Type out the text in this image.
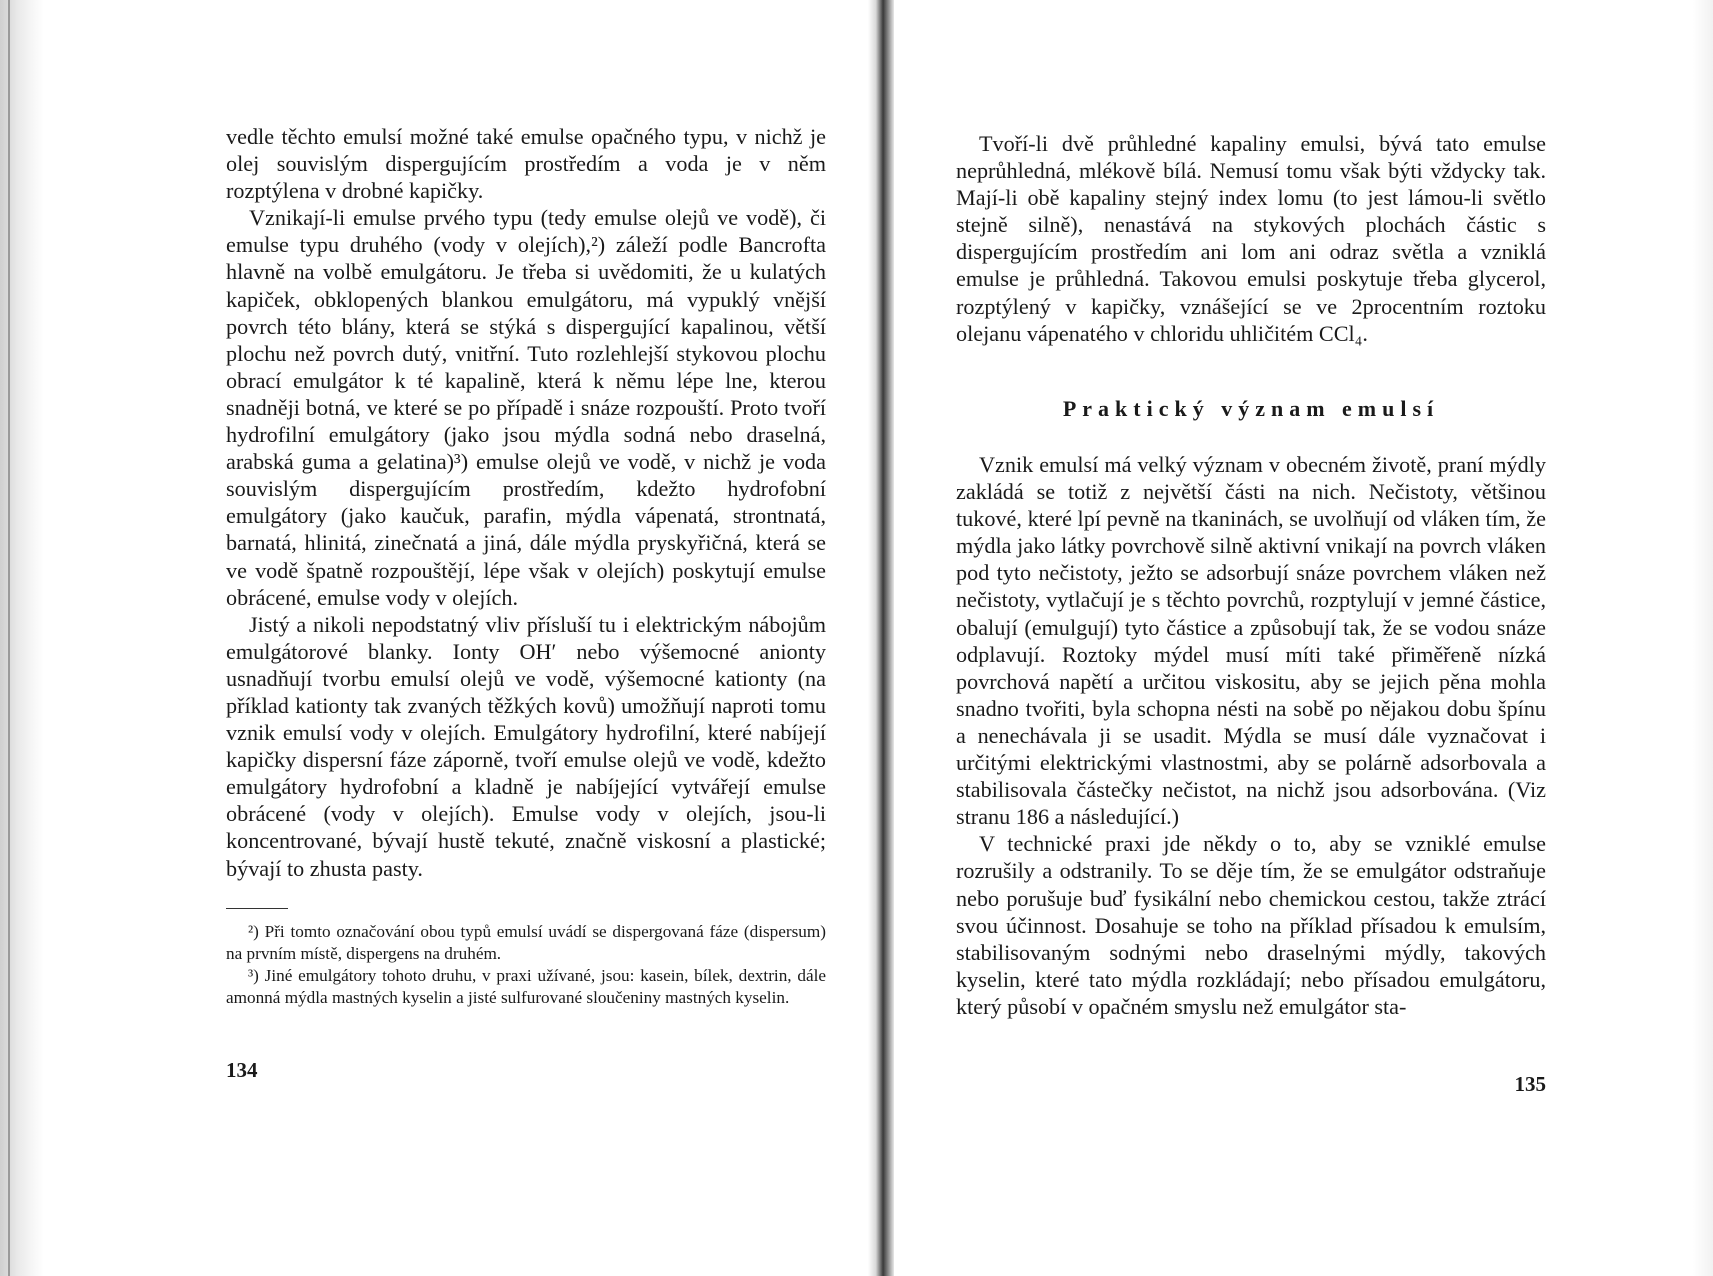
vedle těchto emulsí možné také emulse opačného typu, v nichž je olej souvislým dispergujícím prostředím a voda je v něm rozptýlena v drobné kapičky.

Vznikají-li emulse prvého typu (tedy emulse olejů ve vodě), či emulse typu druhého (vody v olejích),²) záleží podle Bancrofta hlavně na volbě emulgátoru. Je třeba si uvědomiti, že u kulatých kapiček, obklopených blankou emulgátoru, má vypuklý vnější povrch této blány, která se stýká s dispergující kapalinou, větší plochu než povrch dutý, vnitřní. Tuto rozlehlejší stykovou plochu obrací emulgátor k té kapalině, která k němu lépe lne, kterou snadněji botná, ve které se po případě i snáze rozpouští. Proto tvoří hydrofilní emulgátory (jako jsou mýdla sodná nebo draselná, arabská guma a gelatina)³) emulse olejů ve vodě, v nichž je voda souvislým dispergujícím prostředím, kdežto hydrofobní emulgátory (jako kaučuk, parafin, mýdla vápenatá, strontnatá, barnatá, hlinitá, zinečnatá a jiná, dále mýdla pryskyřičná, která se ve vodě špatně rozpouštějí, lépe však v olejích) poskytují emulse obrácené, emulse vody v olejích.

Jistý a nikoli nepodstatný vliv přísluší tu i elektrickým nábojům emulgátorové blanky. Ionty OH′ nebo výšemocné anionty usnadňují tvorbu emulsí olejů ve vodě, výšemocné kationty (na příklad kationty tak zvaných těžkých kovů) umožňují naproti tomu vznik emulsí vody v olejích. Emulgátory hydrofilní, které nabíjejí kapičky dispersní fáze záporně, tvoří emulse olejů ve vodě, kdežto emulgátory hydrofobní a kladně je nabíjející vytvářejí emulse obrácené (vody v olejích). Emulse vody v olejích, jsou-li koncentrované, bývají hustě tekuté, značně viskosní a plastické; bývají to zhusta pasty.

²) Při tomto označování obou typů emulsí uvádí se dispergovaná fáze (dispersum) na prvním místě, dispergens na druhém.

³) Jiné emulgátory tohoto druhu, v praxi užívané, jsou: kasein, bílek, dextrin, dále amonná mýdla mastných kyselin a jisté sulfurované sloučeniny mastných kyselin.

134

Tvoří-li dvě průhledné kapaliny emulsi, bývá tato emulse neprůhledná, mlékově bílá. Nemusí tomu však býti vždycky tak. Mají-li obě kapaliny stejný index lomu (to jest lámou-li světlo stejně silně), nenastává na stykových plochách částic s dispergujícím prostředím ani lom ani odraz světla a vzniklá emulse je průhledná. Takovou emulsi poskytuje třeba glycerol, rozptýlený v kapičky, vznášející se ve 2procentním roztoku olejanu vápenatého v chloridu uhličitém CCl₄.

Praktický význam emulsí

Vznik emulsí má velký význam v obecném životě, praní mýdly zakládá se totiž z největší části na nich. Nečistoty, většinou tukové, které lpí pevně na tkaninách, se uvolňují od vláken tím, že mýdla jako látky povrchově silně aktivní vnikají na povrch vláken pod tyto nečistoty, ježto se adsorbují snáze povrchem vláken než nečistoty, vytlačují je s těchto povrchů, rozptylují v jemné částice, obalují (emulgují) tyto částice a způsobují tak, že se vodou snáze odplavují. Roztoky mýdel musí míti také přiměřeně nízká povrchová napětí a určitou viskositu, aby se jejich pěna mohla snadno tvořiti, byla schopna nésti na sobě po nějakou dobu špínu a nenechávala ji se usadit. Mýdla se musí dále vyznačovat i určitými elektrickými vlastnostmi, aby se polárně adsorbovala a stabilisovala částečky nečistot, na nichž jsou adsorbována. (Viz stranu 186 a následující.)

V technické praxi jde někdy o to, aby se vzniklé emulse rozrušily a odstranily. To se děje tím, že se emulgátor odstraňuje nebo porušuje buď fysikální nebo chemickou cestou, takže ztrácí svou účinnost. Dosahuje se toho na příklad přísadou k emulsím, stabilisovaným sodnými nebo draselnými mýdly, takových kyselin, které tato mýdla rozkládají; nebo přísadou emulgátoru, který působí v opačném smyslu než emulgátor sta-

135
